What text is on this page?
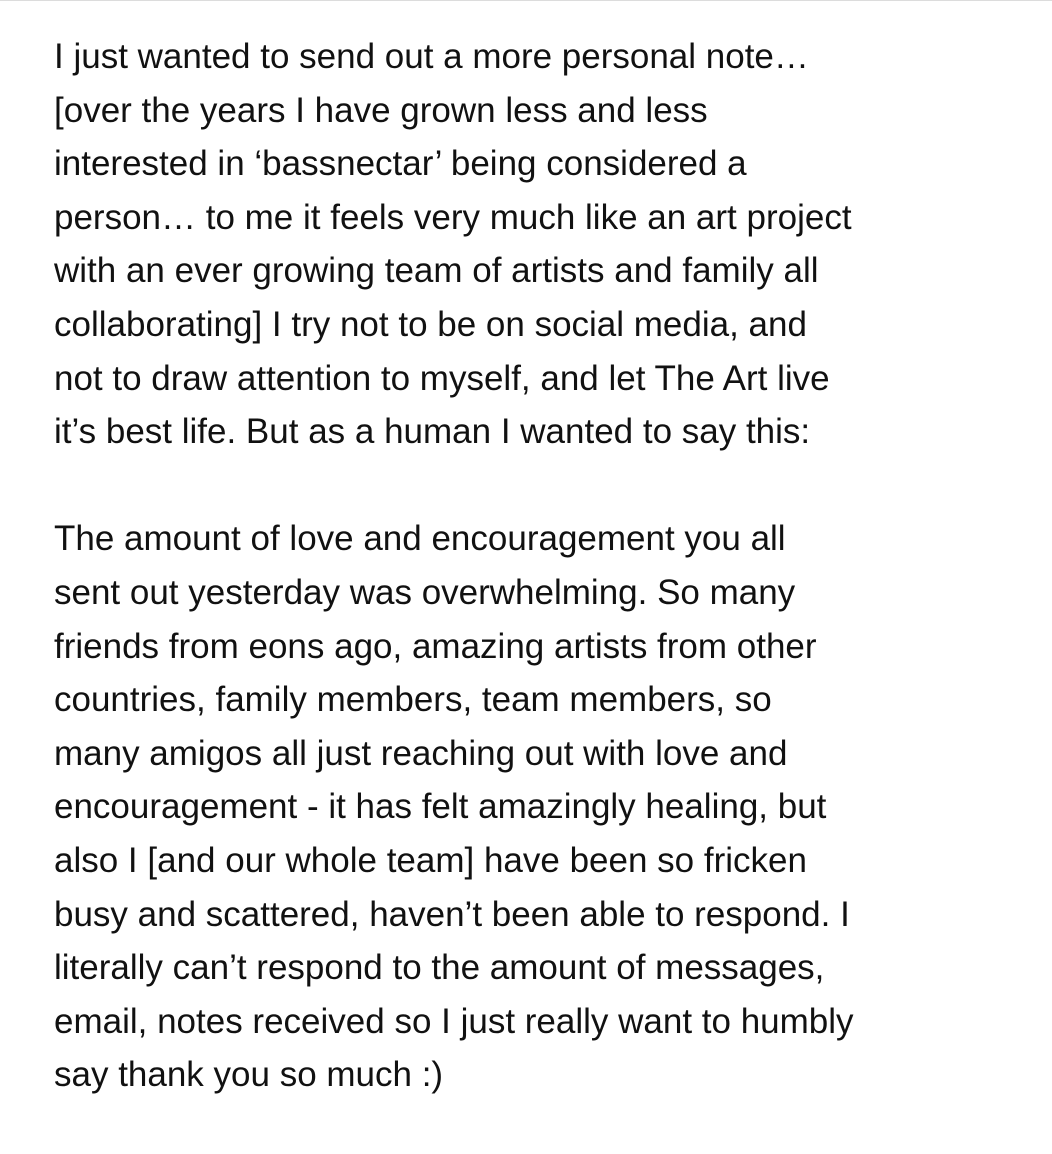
I just wanted to send out a more personal note…
[over the years I have grown less and less
interested in ‘bassnectar’ being considered a
person… to me it feels very much like an art project
with an ever growing team of artists and family all
collaborating] I try not to be on social media, and
not to draw attention to myself, and let The Art live
it’s best life. But as a human I wanted to say this:
The amount of love and encouragement you all
sent out yesterday was overwhelming. So many
friends from eons ago, amazing artists from other
countries, family members, team members, so
many amigos all just reaching out with love and
encouragement - it has felt amazingly healing, but
also I [and our whole team] have been so fricken
busy and scattered, haven’t been able to respond. I
literally can’t respond to the amount of messages,
email, notes received so I just really want to humbly
say thank you so much :)
